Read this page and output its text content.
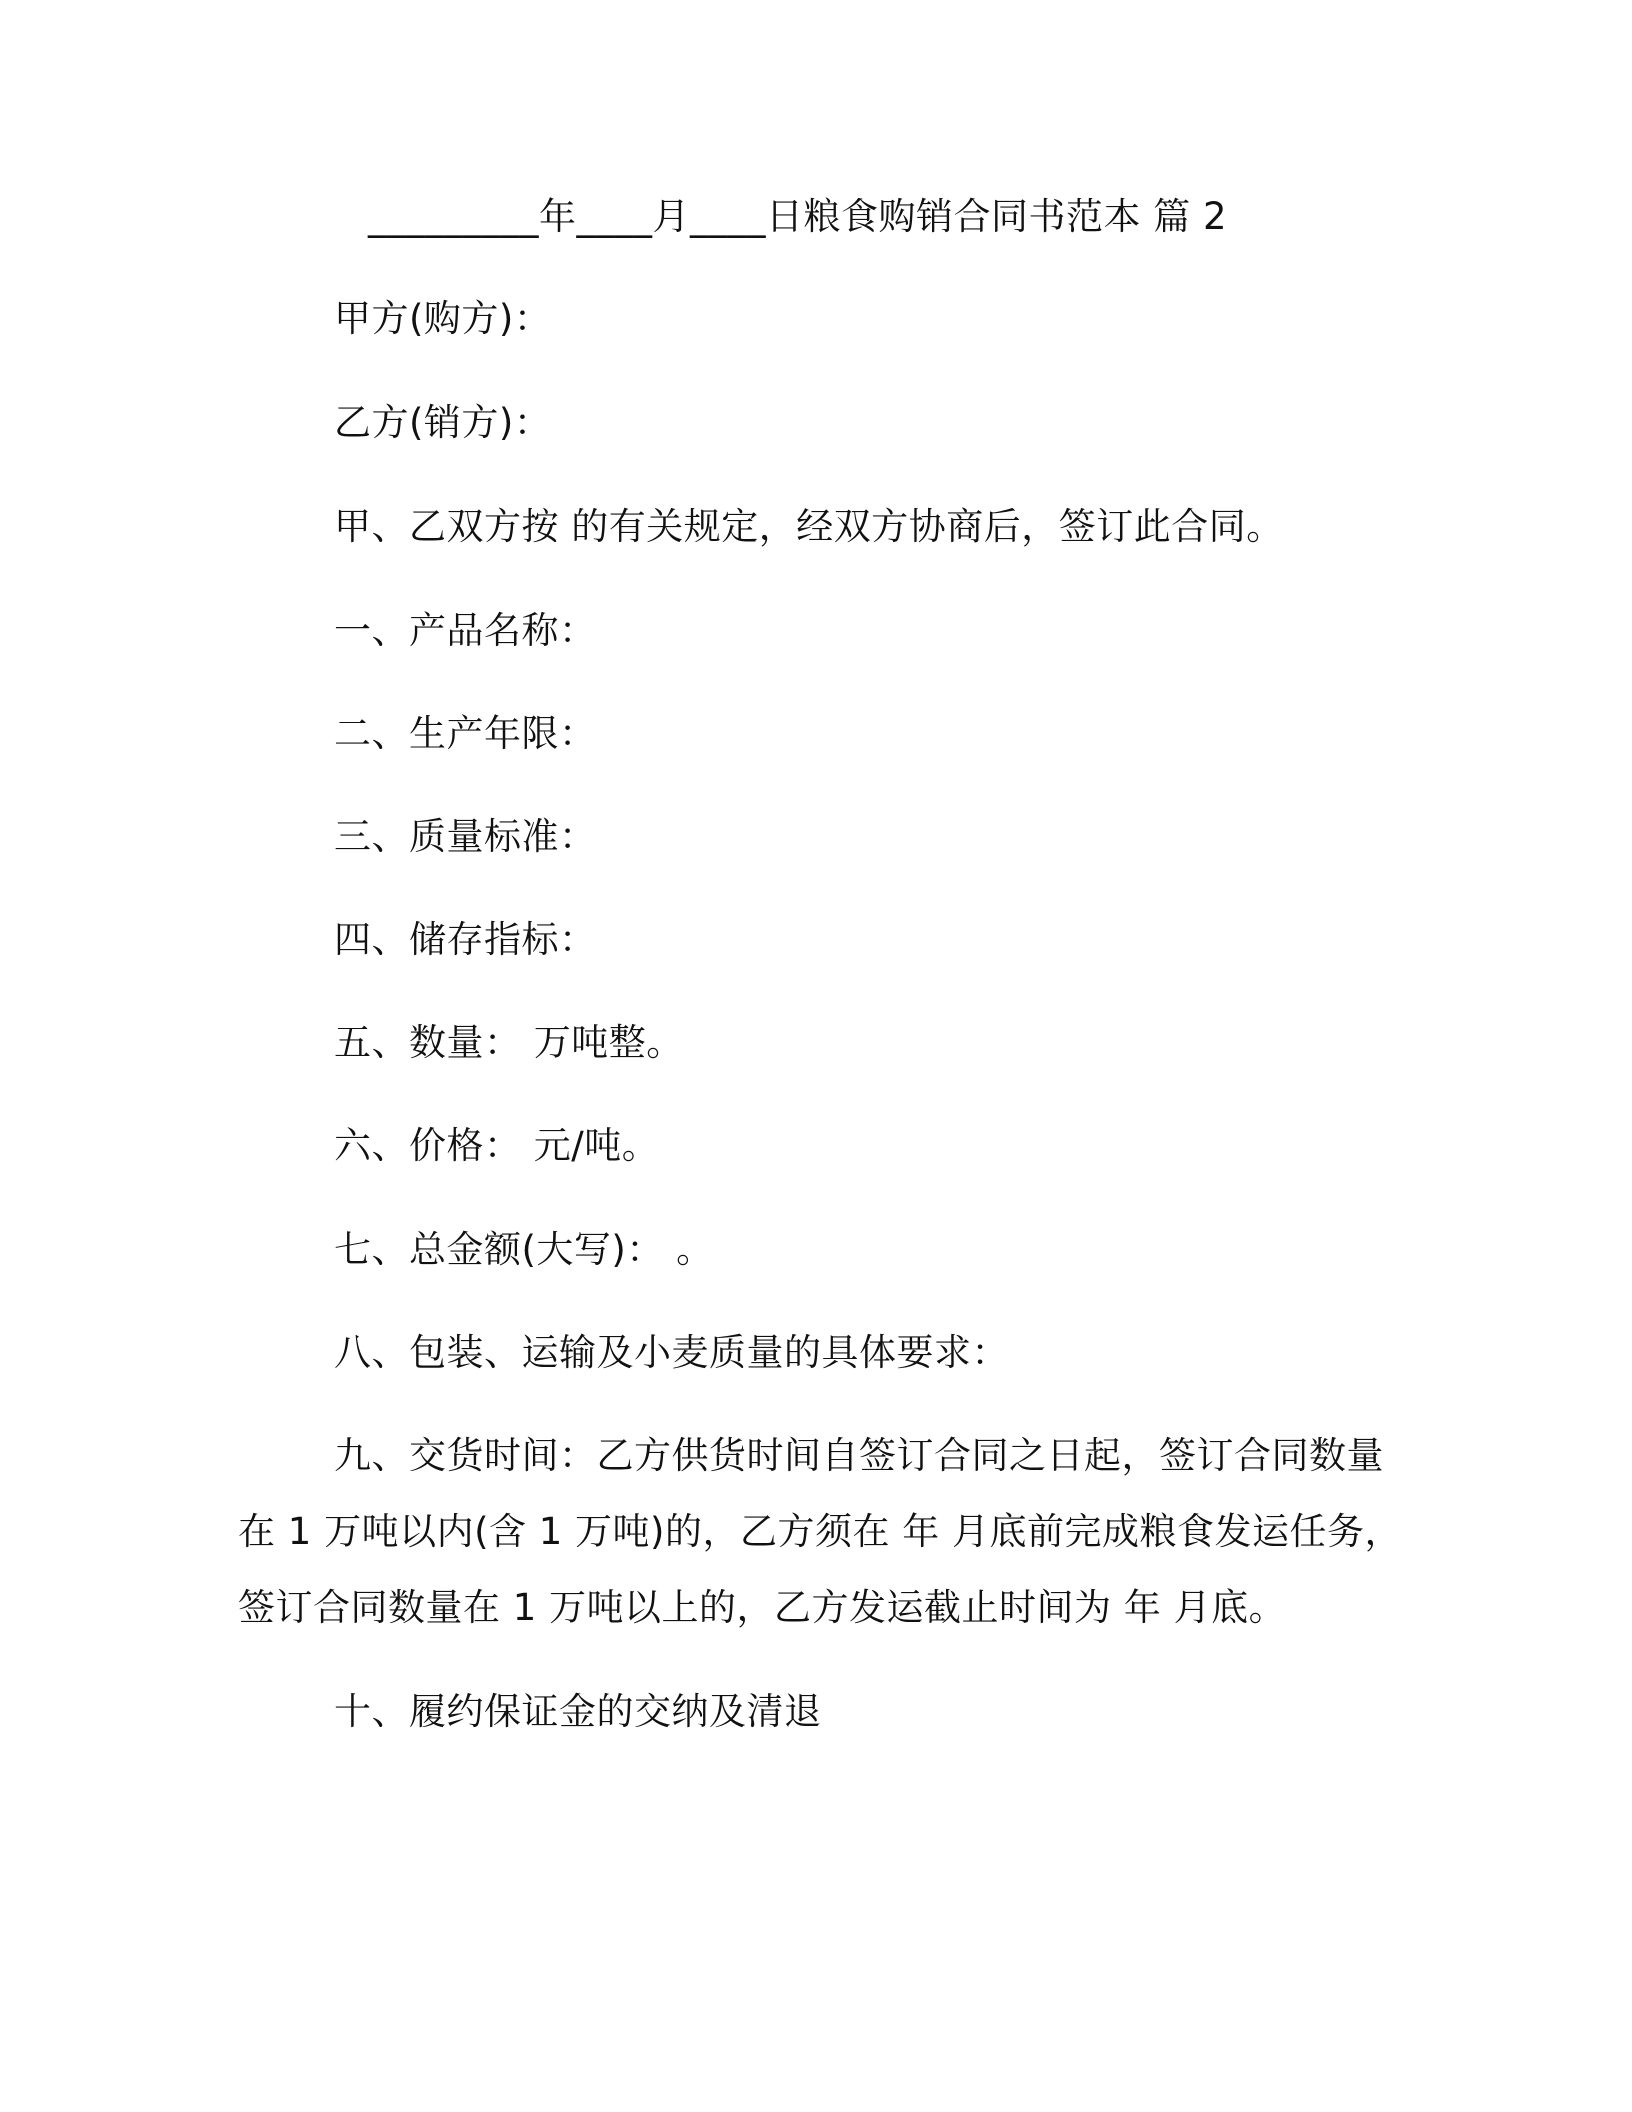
_________年____月____日粮食购销合同书范本 篇 2
甲方(购方)：
乙方(销方)：
甲、乙双方按 的有关规定，经双方协商后，签订此合同。
一、产品名称：
二、生产年限：
三、质量标准：
四、储存指标：
五、数量： 万吨整。
六、价格： 元/吨。
七、总金额(大写)： 。
八、包装、运输及小麦质量的具体要求：
九、交货时间：乙方供货时间自签订合同之日起，签订合同数量
在 1 万吨以内(含 1 万吨)的，乙方须在 年 月底前完成粮食发运任务，
签订合同数量在 1 万吨以上的，乙方发运截止时间为 年 月底。
十、履约保证金的交纳及清退
